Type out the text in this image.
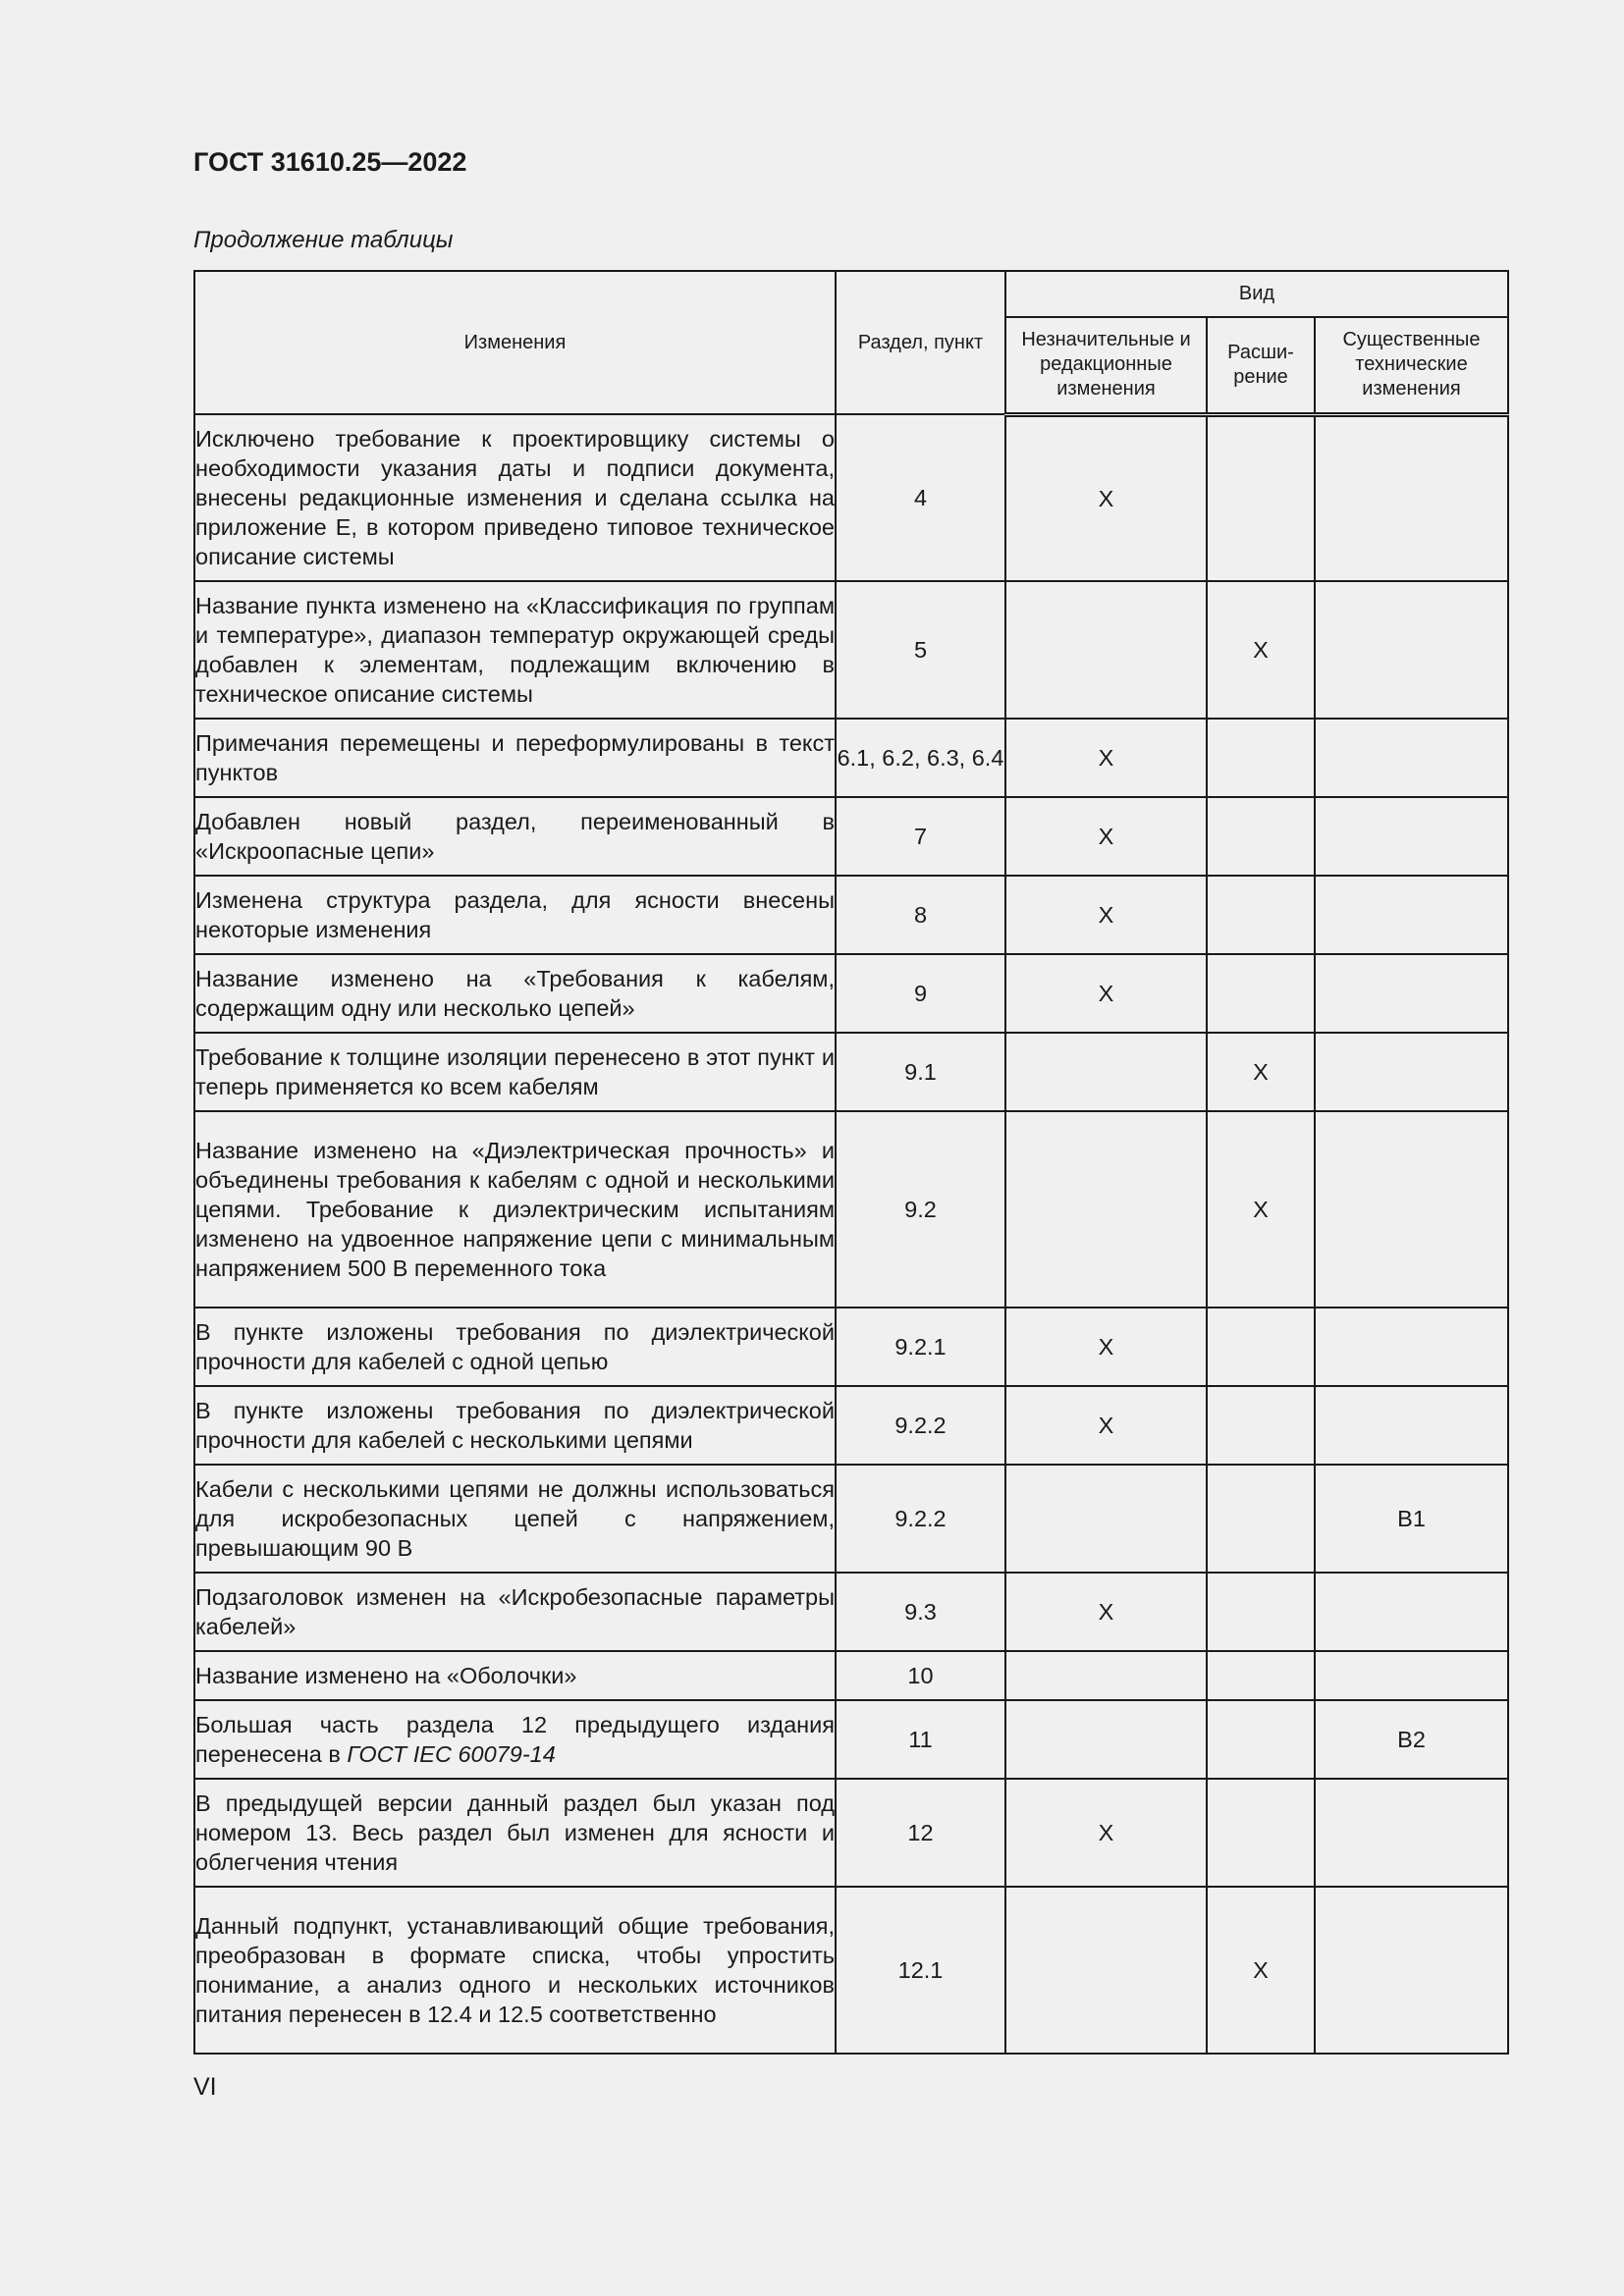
ГОСТ 31610.25—2022
Продолжение таблицы
Изменения	Раздел, пункт	Вид		
		Незначительные и редакционные изменения	Расши-рение	Существенные технические изменения
Исключено требование к проектировщику системы о необходимости указания даты и подписи документа, внесены редакционные изменения и сделана ссылка на приложение Е, в котором приведено типовое техническое описание системы	4	X		
Название пункта изменено на «Классификация по группам и температуре», диапазон температур окружающей среды добавлен к элементам, подлежащим включению в техническое описание системы	5		X	
Примечания перемещены и переформулированы в текст пунктов	6.1, 6.2, 6.3, 6.4	X		
Добавлен новый раздел, переименованный в «Искроопасные цепи»	7	X		
Изменена структура раздела, для ясности внесены некоторые изменения	8	X		
Название изменено на «Требования к кабелям, содержащим одну или несколько цепей»	9	X		
Требование к толщине изоляции перенесено в этот пункт и теперь применяется ко всем кабелям	9.1		X	
Название изменено на «Диэлектрическая прочность» и объединены требования к кабелям с одной и несколькими цепями. Требование к диэлектрическим испытаниям изменено на удвоенное напряжение цепи с минимальным напряжением 500 В переменного тока	9.2		X	
В пункте изложены требования по диэлектрической прочности для кабелей с одной цепью	9.2.1	X		
В пункте изложены требования по диэлектрической прочности для кабелей с несколькими цепями	9.2.2	X		
Кабели с несколькими цепями не должны использоваться для искробезопасных цепей с напряжением, превышающим 90 В	9.2.2			B1
Подзаголовок изменен на «Искробезопасные параметры кабелей»	9.3	X		
Название изменено на «Оболочки»	10			
Большая часть раздела 12 предыдущего издания перенесена в ГОСТ IEC 60079-14	11			B2
В предыдущей версии данный раздел был указан под номером 13. Весь раздел был изменен для ясности и облегчения чтения	12	X		
Данный подпункт, устанавливающий общие требования, преобразован в формате списка, чтобы упростить понимание, а анализ одного и нескольких источников питания перенесен в 12.4 и 12.5 соответственно	12.1		X	
VI
